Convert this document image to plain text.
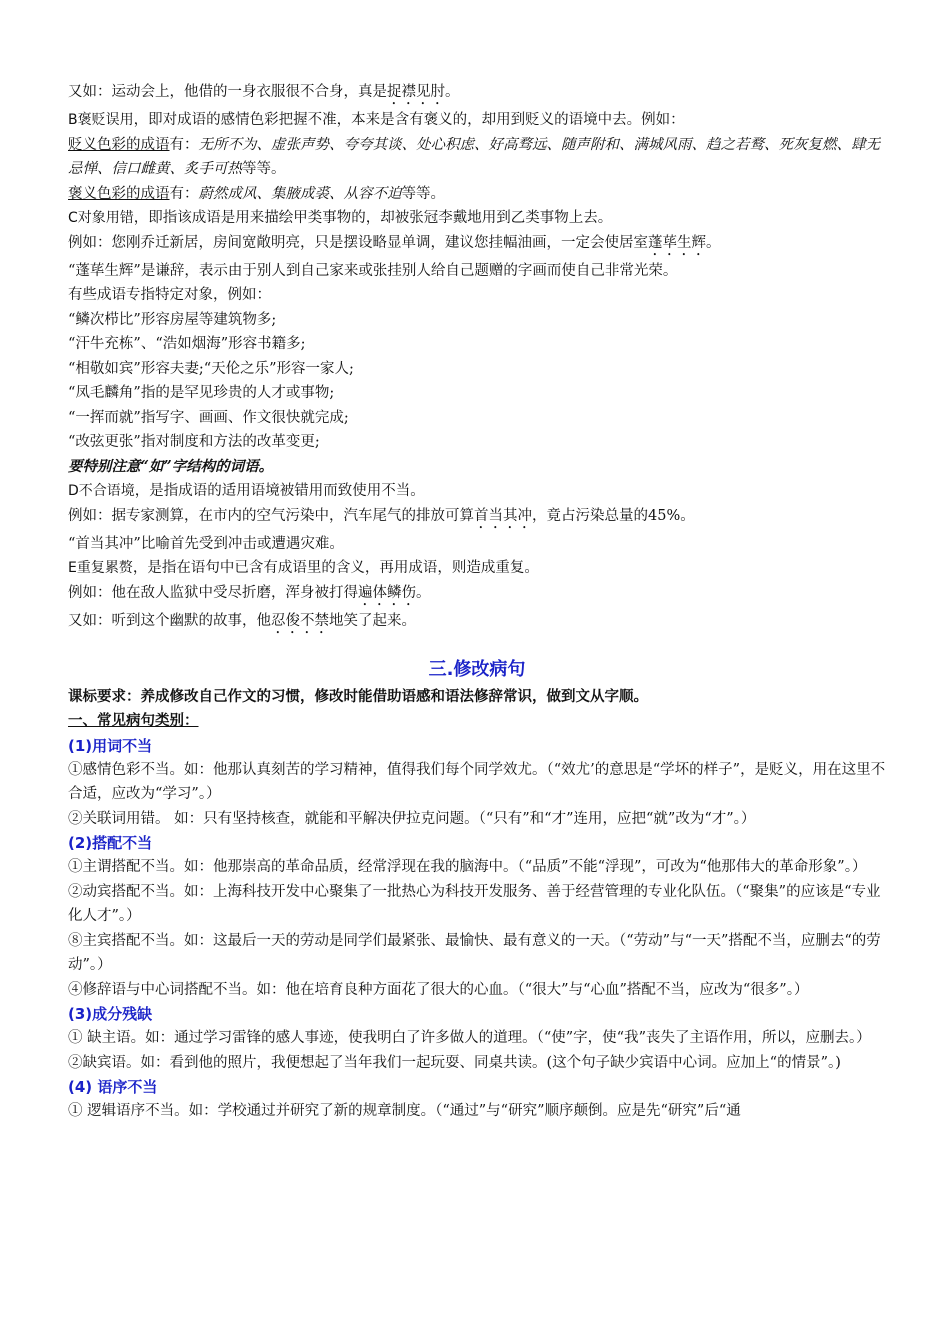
又如：运动会上，他借的一身衣服很不合身，真是捉襟见肘。

B褒贬误用，即对成语的感情色彩把握不准，本来是含有褒义的，却用到贬义的语境中去。例如：

贬义色彩的成语有：无所不为、虚张声势、夸夸其谈、处心积虑、好高骛远、随声附和、满城风雨、趋之若鹜、死灰复燃、肆无忌惮、信口雌黄、炙手可热等等。

褒义色彩的成语有：蔚然成风、集腋成裘、从容不迫等等。

C对象用错，即指该成语是用来描绘甲类事物的，却被张冠李戴地用到乙类事物上去。

例如：您刚乔迁新居，房间宽敞明亮，只是摆设略显单调，建议您挂幅油画，一定会使居室蓬荜生辉。

“蓬荜生辉”是谦辞，表示由于别人到自己家来或张挂别人给自己题赠的字画而使自己非常光荣。

有些成语专指特定对象，例如：

“鳞次栉比”形容房屋等建筑物多;

“汗牛充栋”、“浩如烟海”形容书籍多;

“相敬如宾”形容夫妻;“天伦之乐”形容一家人;

“凤毛麟角”指的是罕见珍贵的人才或事物;

“一挥而就”指写字、画画、作文很快就完成;

“改弦更张”指对制度和方法的改革变更;

要特别注意“如”字结构的词语。

D不合语境，是指成语的适用语境被错用而致使用不当。

例如：据专家测算，在市内的空气污染中，汽车尾气的排放可算首当其冲，竟占污染总量的45%。

“首当其冲”比喻首先受到冲击或遭遇灾难。

E重复累赘，是指在语句中已含有成语里的含义，再用成语，则造成重复。

例如：他在敌人监狱中受尽折磨，浑身被打得遍体鳞伤。

又如：听到这个幽默的故事，他忍俊不禁地笑了起来。

三.修改病句

课标要求：养成修改自己作文的习惯，修改时能借助语感和语法修辞常识，做到文从字顺。

一、常见病句类别：

(1)用词不当

①感情色彩不当。如：他那认真刻苦的学习精神，值得我们每个同学效尤。（“效尤’的意思是“学坏的样子”，是贬义，用在这里不合适，应改为“学习”。）

②关联词用错。 如：只有坚持核查，就能和平解决伊拉克问题。（“只有”和“才”连用，应把“就”改为“才”。）

(2)搭配不当

①主谓搭配不当。如：他那崇高的革命品质，经常浮现在我的脑海中。（“品质”不能“浮现”，可改为“他那伟大的革命形象”。）

②动宾搭配不当。如：上海科技开发中心聚集了一批热心为科技开发服务、善于经营管理的专业化队伍。（“聚集”的应该是“专业化人才”。）

⑧主宾搭配不当。如：这最后一天的劳动是同学们最紧张、最愉快、最有意义的一天。（“劳动”与“一天”搭配不当，应删去“的劳动”。）

④修辞语与中心词搭配不当。如：他在培育良种方面花了很大的心血。（“很大”与“心血”搭配不当，应改为“很多”。）

(3)成分残缺

① 缺主语。如：通过学习雷锋的感人事迹，使我明白了许多做人的道理。（“使”字，使“我”丧失了主语作用，所以，应删去。）

②缺宾语。如：看到他的照片，我便想起了当年我们一起玩耍、同桌共读。(这个句子缺少宾语中心词。应加上“的情景”。)

(4) 语序不当

① 逻辑语序不当。如：学校通过并研究了新的规章制度。（“通过”与“研究”顺序颠倒。应是先“研究”后“通
